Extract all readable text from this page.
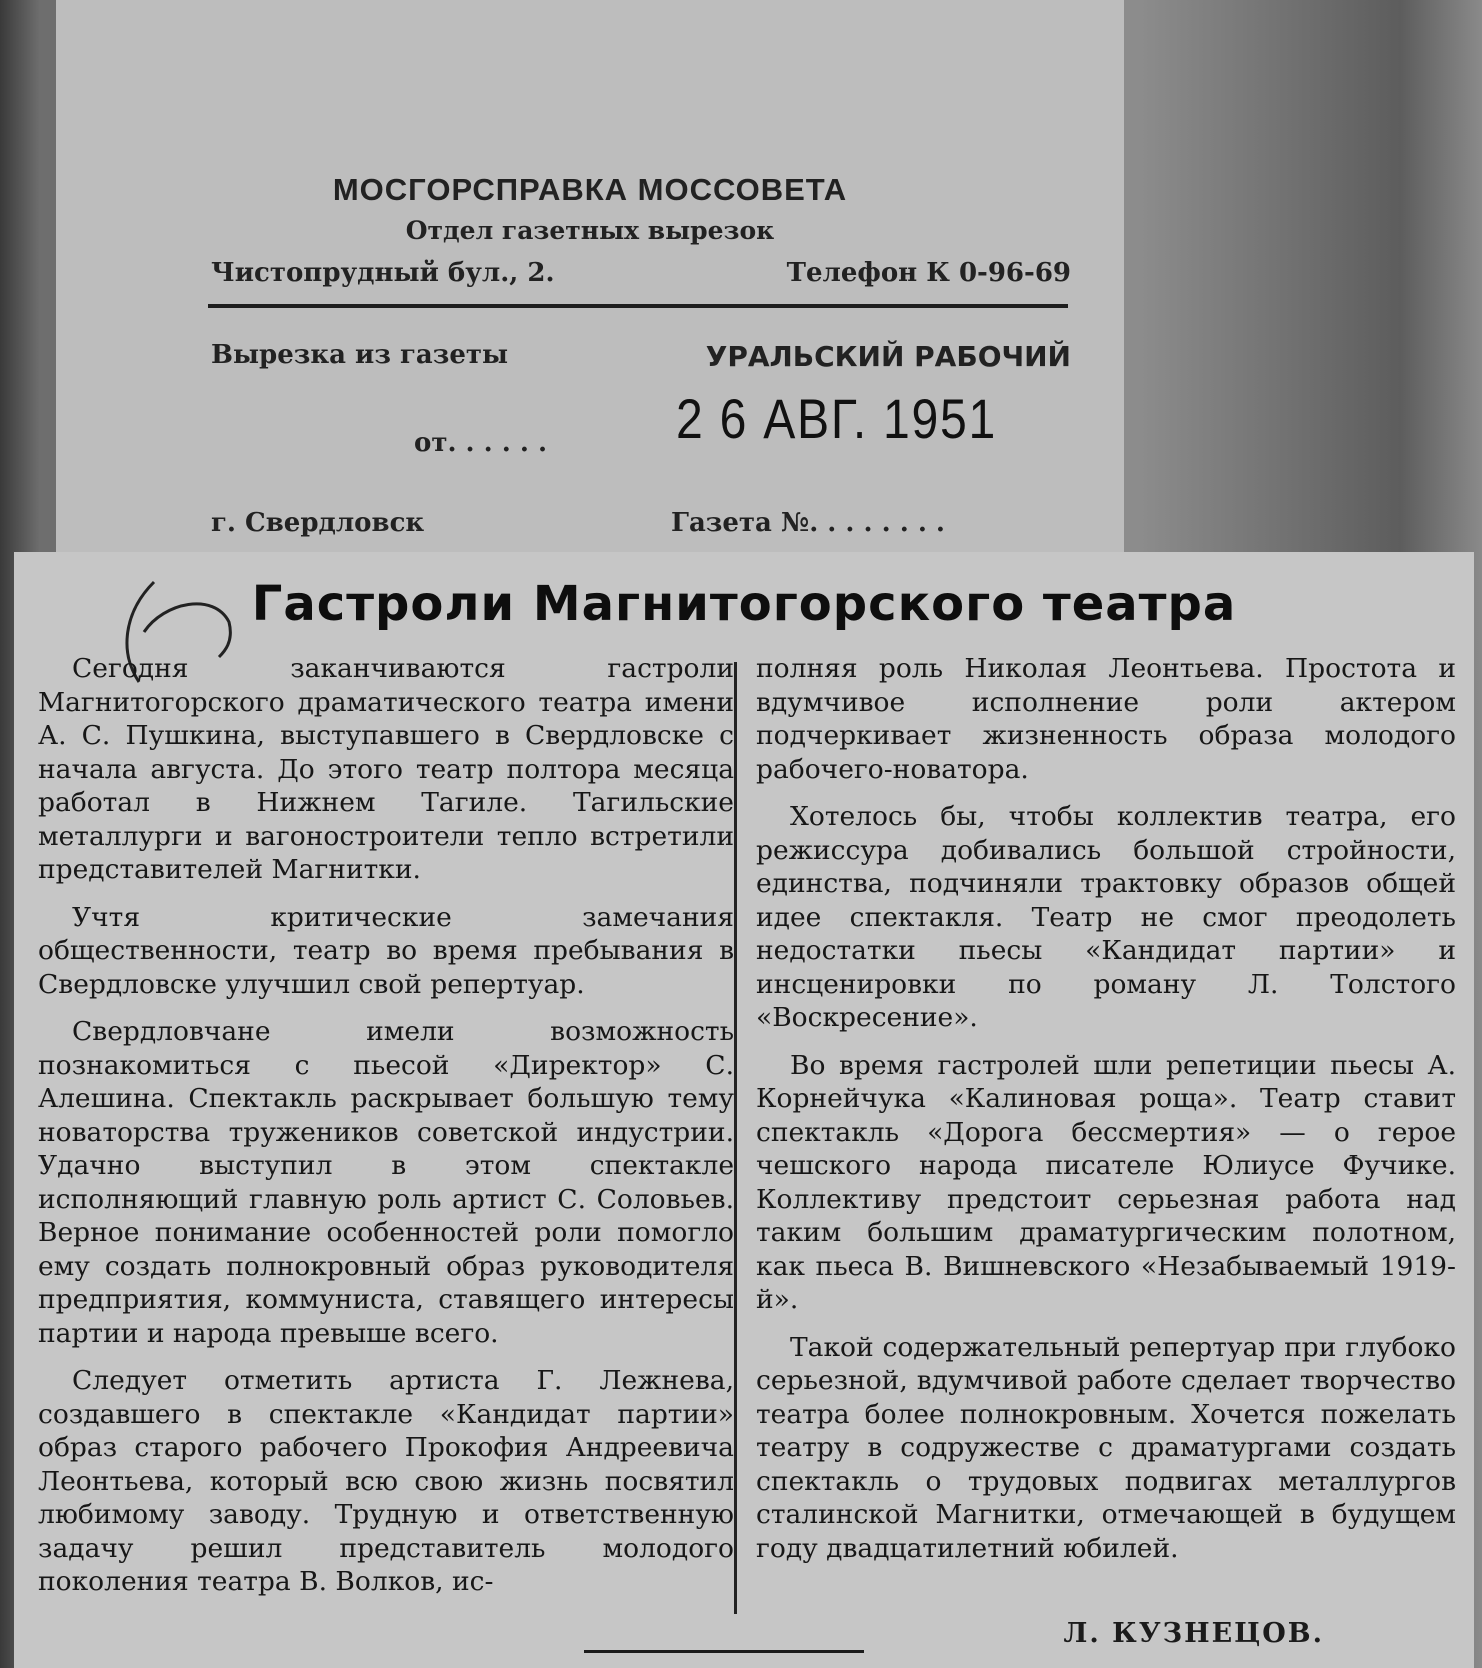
МОСГОРСПРАВКА МОССОВЕТА
Отдел газетных вырезок
Чистопрудный бул., 2.	Телефон К 0-96-69
Вырезка из газеты	УРАЛЬСКИЙ РАБОЧИЙ
от. . . . . .	2 6 АВГ. 1951
г. Свердловск	Газета №. . . . . . . .
Гастроли Магнитогорского театра

Сегодня заканчиваются гастроли Магнитогорского драматического театра имени А. С. Пушкина, выступавшего в Свердловске с начала августа. До этого театр полтора месяца работал в Нижнем Тагиле. Тагильские металлурги и вагоностроители тепло встретили представителей Магнитки.

Учтя критические замечания общественности, театр во время пребывания в Свердловске улучшил свой репертуар.

Свердловчане имели возможность познакомиться с пьесой «Директор» С. Алешина. Спектакль раскрывает большую тему новаторства тружеников советской индустрии. Удачно выступил в этом спектакле исполняющий главную роль артист С. Соловьев. Верное понимание особенностей роли помогло ему создать полнокровный образ руководителя предприятия, коммуниста, ставящего интересы партии и народа превыше всего.

Следует отметить артиста Г. Лежнева, создавшего в спектакле «Кандидат партии» образ старого рабочего Прокофия Андреевича Леонтьева, который всю свою жизнь посвятил любимому заводу. Трудную и ответственную задачу решил представитель молодого поколения театра В. Волков, ис-

полняя роль Николая Леонтьева. Простота и вдумчивое исполнение роли актером подчеркивает жизненность образа молодого рабочего-новатора.

Хотелось бы, чтобы коллектив театра, его режиссура добивались большой стройности, единства, подчиняли трактовку образов общей идее спектакля. Театр не смог преодолеть недостатки пьесы «Кандидат партии» и инсценировки по роману Л. Толстого «Воскресение».

Во время гастролей шли репетиции пьесы А. Корнейчука «Калиновая роща». Театр ставит спектакль «Дорога бессмертия» — о герое чешского народа писателе Юлиусе Фучике. Коллективу предстоит серьезная работа над таким большим драматургическим полотном, как пьеса В. Вишневского «Незабываемый 1919-й».

Такой содержательный репертуар при глубоко серьезной, вдумчивой работе сделает творчество театра более полнокровным. Хочется пожелать театру в содружестве с драматургами создать спектакль о трудовых подвигах металлургов сталинской Магнитки, отмечающей в будущем году двадцатилетний юбилей.

Л. КУЗНЕЦОВ.
